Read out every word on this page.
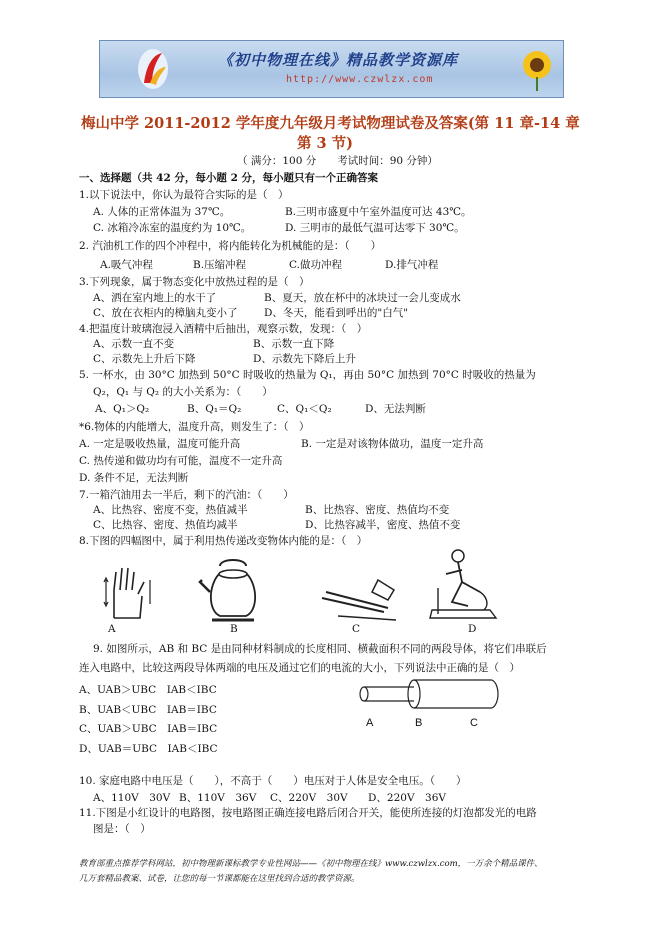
《初中物理在线》精品教学资源库
http://www.czwlzx.com
梅山中学 2011-2012 学年度九年级月考试物理试卷及答案(第 11 章-14 章
第 3 节)
（ 满分：100 分　　考试时间：90 分钟）
一、选择题（共 42 分，每小题 2 分，每小题只有一个正确答案
1.以下说法中，你认为最符合实际的是（　）
A. 人体的正常体温为 37℃。	B.三明市盛夏中午室外温度可达 43℃。
C. 冰箱冷冻室的温度约为 10℃。	D. 三明市的最低气温可达零下 30℃。
2. 汽油机工作的四个冲程中，将内能转化为机械能的是：（　　）
A.吸气冲程	B.压缩冲程	C.做功冲程	D.排气冲程
3.下列现象，属于物态变化中放热过程的是（　）
A、洒在室内地上的水干了	B、夏天，放在杯中的冰块过一会儿变成水
C、放在衣柜内的樟脑丸变小了	D、冬天，能看到呼出的"白气"
4.把温度计玻璃泡浸入酒精中后抽出，观察示数，发现：（　）
A、示数一直不变	B、示数一直下降
C、示数先上升后下降	D、示数先下降后上升
5. 一杯水，由 30°C 加热到 50°C 时吸收的热量为 Q₁，再由 50°C 加热到 70°C 时吸收的热量为
Q₂，Q₁ 与 Q₂ 的大小关系为：（　　）
A、Q₁＞Q₂	B、Q₁＝Q₂	C、Q₁＜Q₂	D、无法判断
*6.物体的内能增大，温度升高，则发生了：（　）
A. 一定是吸收热量，温度可能升高	B. 一定是对该物体做功，温度一定升高
C. 热传递和做功均有可能，温度不一定升高
D. 条件不足，无法判断
7.一箱汽油用去一半后，剩下的汽油：（　　）
A、比热容、密度不变，热值减半	B、比热容、密度、热值均不变
C、比热容、密度、热值均减半	D、比热容减半，密度、热值不变
8.下图的四幅图中，属于利用热传递改变物体内能的是：（　）
A	B	C	D
9. 如图所示，AB 和 BC 是由同种材料制成的长度相同、横截面积不同的两段导体，将它们串联后
连入电路中，比较这两段导体两端的电压及通过它们的电流的大小，下列说法中正确的是（　）
A、UAB＞UBC　IAB＜IBC
B、UAB＜UBC　IAB＝IBC
C、UAB＞UBC　IAB＝IBC
D、UAB＝UBC　IAB＜IBC
A	B	C
10. 家庭电路中电压是（　　），不高于（　　）电压对于人体是安全电压。（　　）
A、110V　30V B、110V　36V C、220V　30V D、220V　36V
11.下图是小红设计的电路图，按电路图正确连接电路后闭合开关，能使所连接的灯泡都发光的电路
图是：（　）
教育部重点推荐学科网站，初中物理新课标教学专业性网站——《初中物理在线》www.czwlzx.com，一万余个精品课件、
几万套精品教案、试卷，让您的每一节课都能在这里找到合适的教学资源。
